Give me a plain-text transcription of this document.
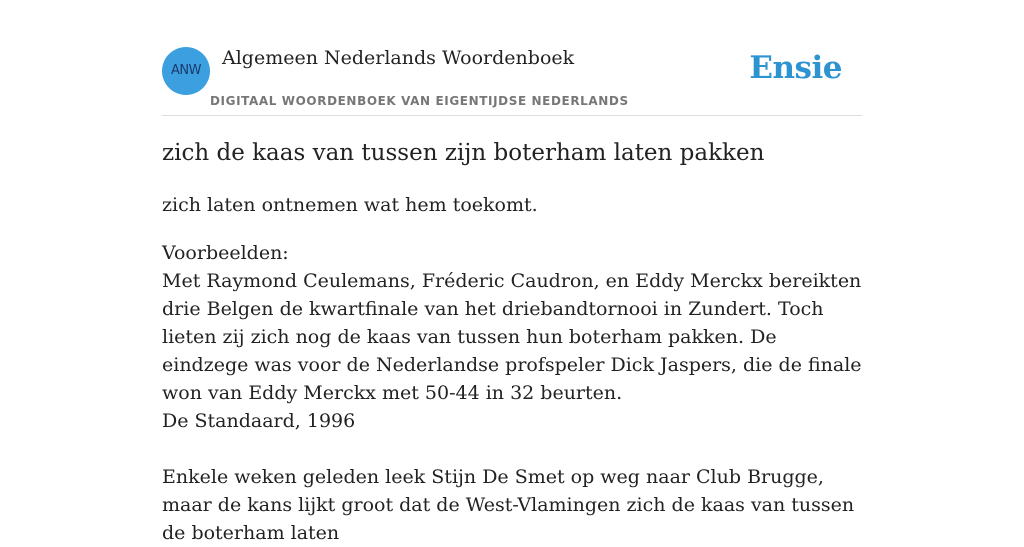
ANW
Algemeen Nederlands Woordenboek
DIGITAAL WOORDENBOEK VAN EIGENTIJDSE NEDERLANDS
Ensie
zich de kaas van tussen zijn boterham laten pakken
zich laten ontnemen wat hem toekomt.

Voorbeelden:

Met Raymond Ceulemans, Fréderic Caudron, en Eddy Merckx bereikten drie Belgen de kwartfinale van het driebandtornooi in Zundert. Toch lieten zij zich nog de kaas van tussen hun boterham pakken. De eindzege was voor de Nederlandse profspeler Dick Jaspers, die de finale won van Eddy Merckx met 50-44 in 32 beurten.

De Standaard, 1996

Enkele weken geleden leek Stijn De Smet op weg naar Club Brugge, maar de kans lijkt groot dat de West-Vlamingen zich de kaas van tussen de boterham laten
